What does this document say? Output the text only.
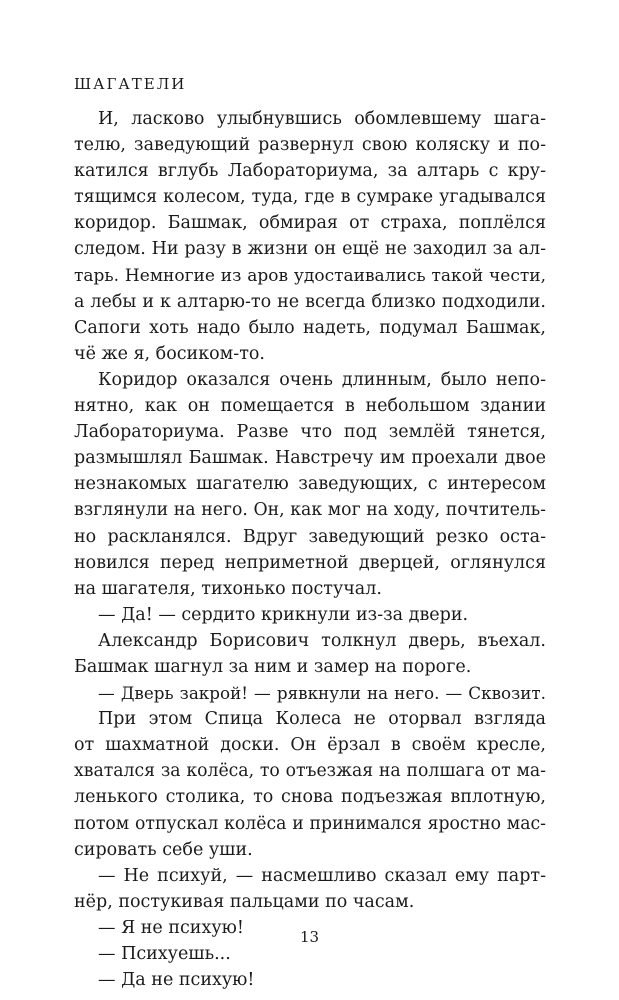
ШАГАТЕЛИ
И, ласково улыбнувшись обомлевшему шага-
телю, заведующий развернул свою коляску и по-
катился вглубь Лабораториума, за алтарь с кру-
тящимся колесом, туда, где в сумраке угадывался
коридор. Башмак, обмирая от страха, поплёлся
следом. Ни разу в жизни он ещё не заходил за ал-
тарь. Немногие из аров удостаивались такой чести,
а лебы и к алтарю-то не всегда близко подходили.
Сапоги хоть надо было надеть, подумал Башмак,
чё же я, босиком-то.
Коридор оказался очень длинным, было непо-
нятно, как он помещается в небольшом здании
Лабораториума. Разве что под землёй тянется,
размышлял Башмак. Навстречу им проехали двое
незнакомых шагателю заведующих, с интересом
взглянули на него. Он, как мог на ходу, почтитель-
но раскланялся. Вдруг заведующий резко оста-
новился перед неприметной дверцей, оглянулся
на шагателя, тихонько постучал.
— Да! — сердито крикнули из-за двери.
Александр Борисович толкнул дверь, въехал.
Башмак шагнул за ним и замер на пороге.
— Дверь закрой! — рявкнули на него. — Сквозит.
При этом Спица Колеса не оторвал взгляда
от шахматной доски. Он ёрзал в своём кресле,
хватался за колёса, то отъезжая на полшага от ма-
ленького столика, то снова подъезжая вплотную,
потом отпускал колёса и принимался яростно мас-
сировать себе уши.
— Не психуй, — насмешливо сказал ему парт-
нёр, постукивая пальцами по часам.
— Я не психую!
— Психуешь...
— Да не психую!
13
